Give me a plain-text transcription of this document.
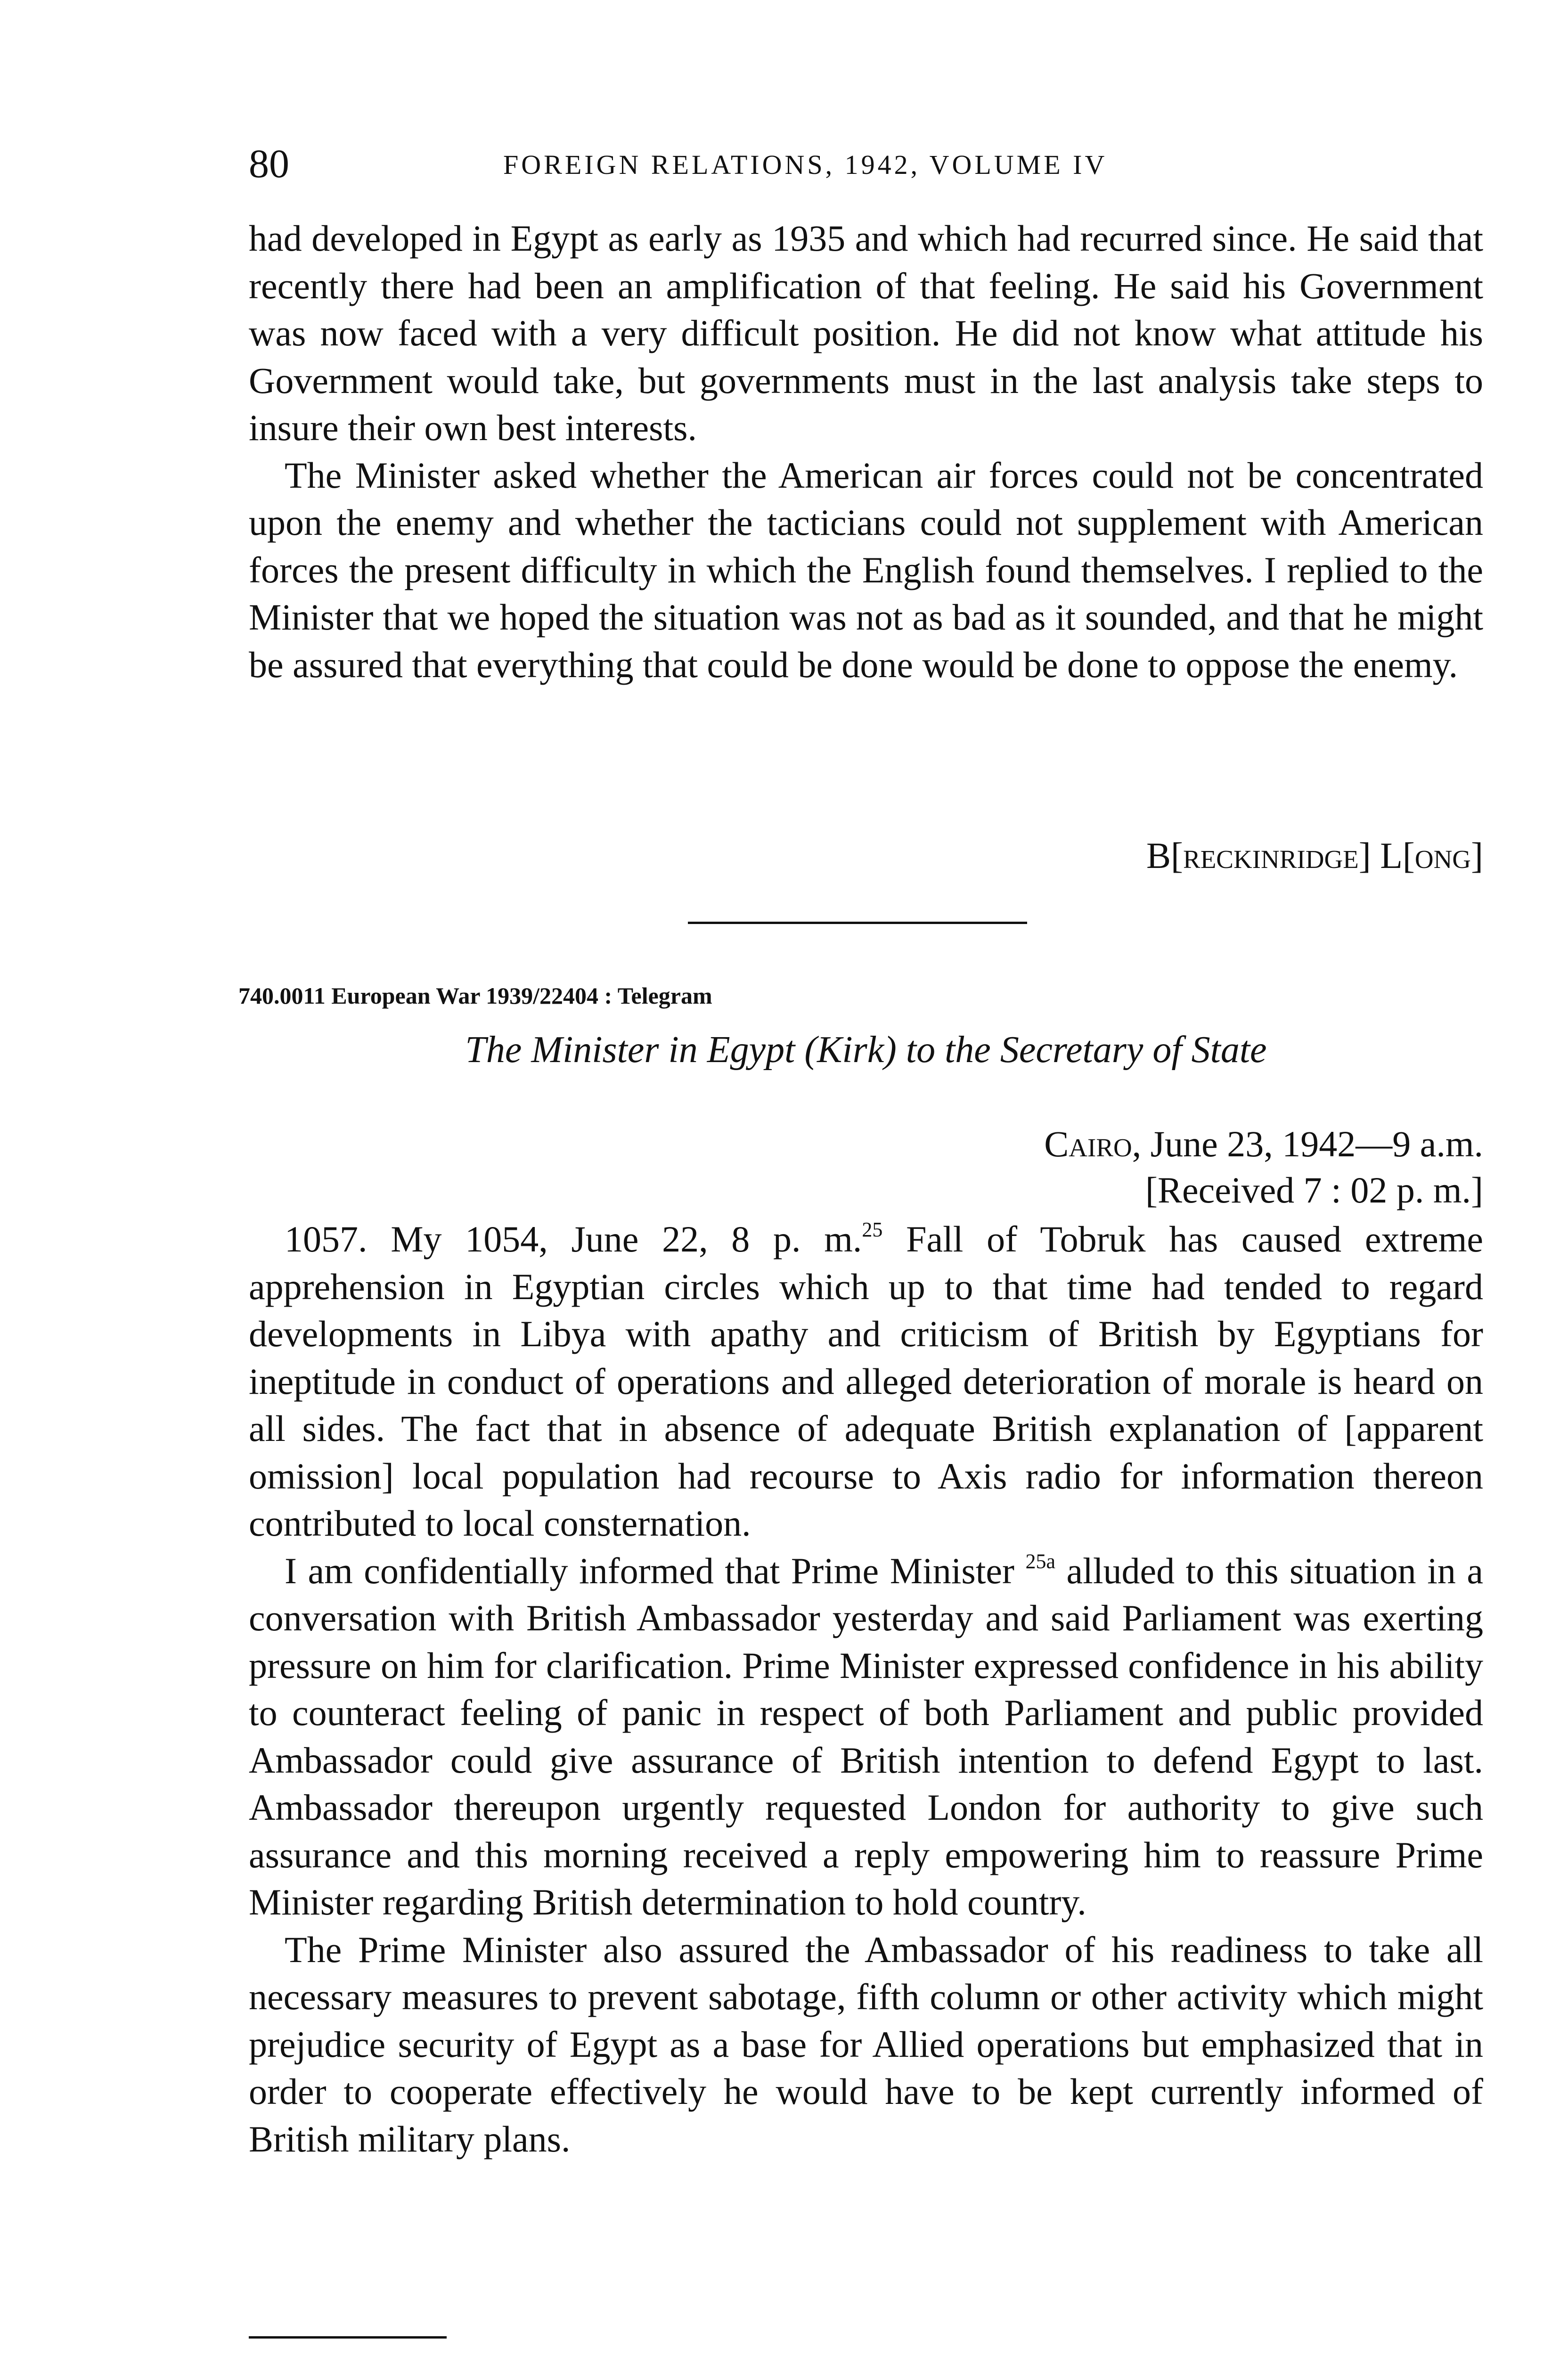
80	FOREIGN RELATIONS, 1942, VOLUME IV

had developed in Egypt as early as 1935 and which had recurred since. He said that recently there had been an amplification of that feeling. He said his Government was now faced with a very difficult position. He did not know what attitude his Government would take, but governments must in the last analysis take steps to insure their own best interests.

The Minister asked whether the American air forces could not be concentrated upon the enemy and whether the tacticians could not supplement with American forces the present difficulty in which the English found themselves. I replied to the Minister that we hoped the situation was not as bad as it sounded, and that he might be assured that everything that could be done would be done to oppose the enemy.

B[reckinridge] L[ong]
740.0011 European War 1939/22404 : Telegram
The Minister in Egypt (Kirk) to the Secretary of State
Cairo, June 23, 1942—9 a.m.
[Received 7 : 02 p. m.]

1057. My 1054, June 22, 8 p. m.$^{25}$ Fall of Tobruk has caused extreme apprehension in Egyptian circles which up to that time had tended to regard developments in Libya with apathy and criticism of British by Egyptians for ineptitude in conduct of operations and alleged deterioration of morale is heard on all sides. The fact that in absence of adequate British explanation of [apparent omission] local population had recourse to Axis radio for information thereon contributed to local consternation.

I am confidentially informed that Prime Minister $^{25a}$ alluded to this situation in a conversation with British Ambassador yesterday and said Parliament was exerting pressure on him for clarification. Prime Minister expressed confidence in his ability to counteract feeling of panic in respect of both Parliament and public provided Ambassador could give assurance of British intention to defend Egypt to last. Ambassador thereupon urgently requested London for authority to give such assurance and this morning received a reply empowering him to reassure Prime Minister regarding British determination to hold country.

The Prime Minister also assured the Ambassador of his readiness to take all necessary measures to prevent sabotage, fifth column or other activity which might prejudice security of Egypt as a base for Allied operations but emphasized that in order to cooperate effectively he would have to be kept currently informed of British military plans.
